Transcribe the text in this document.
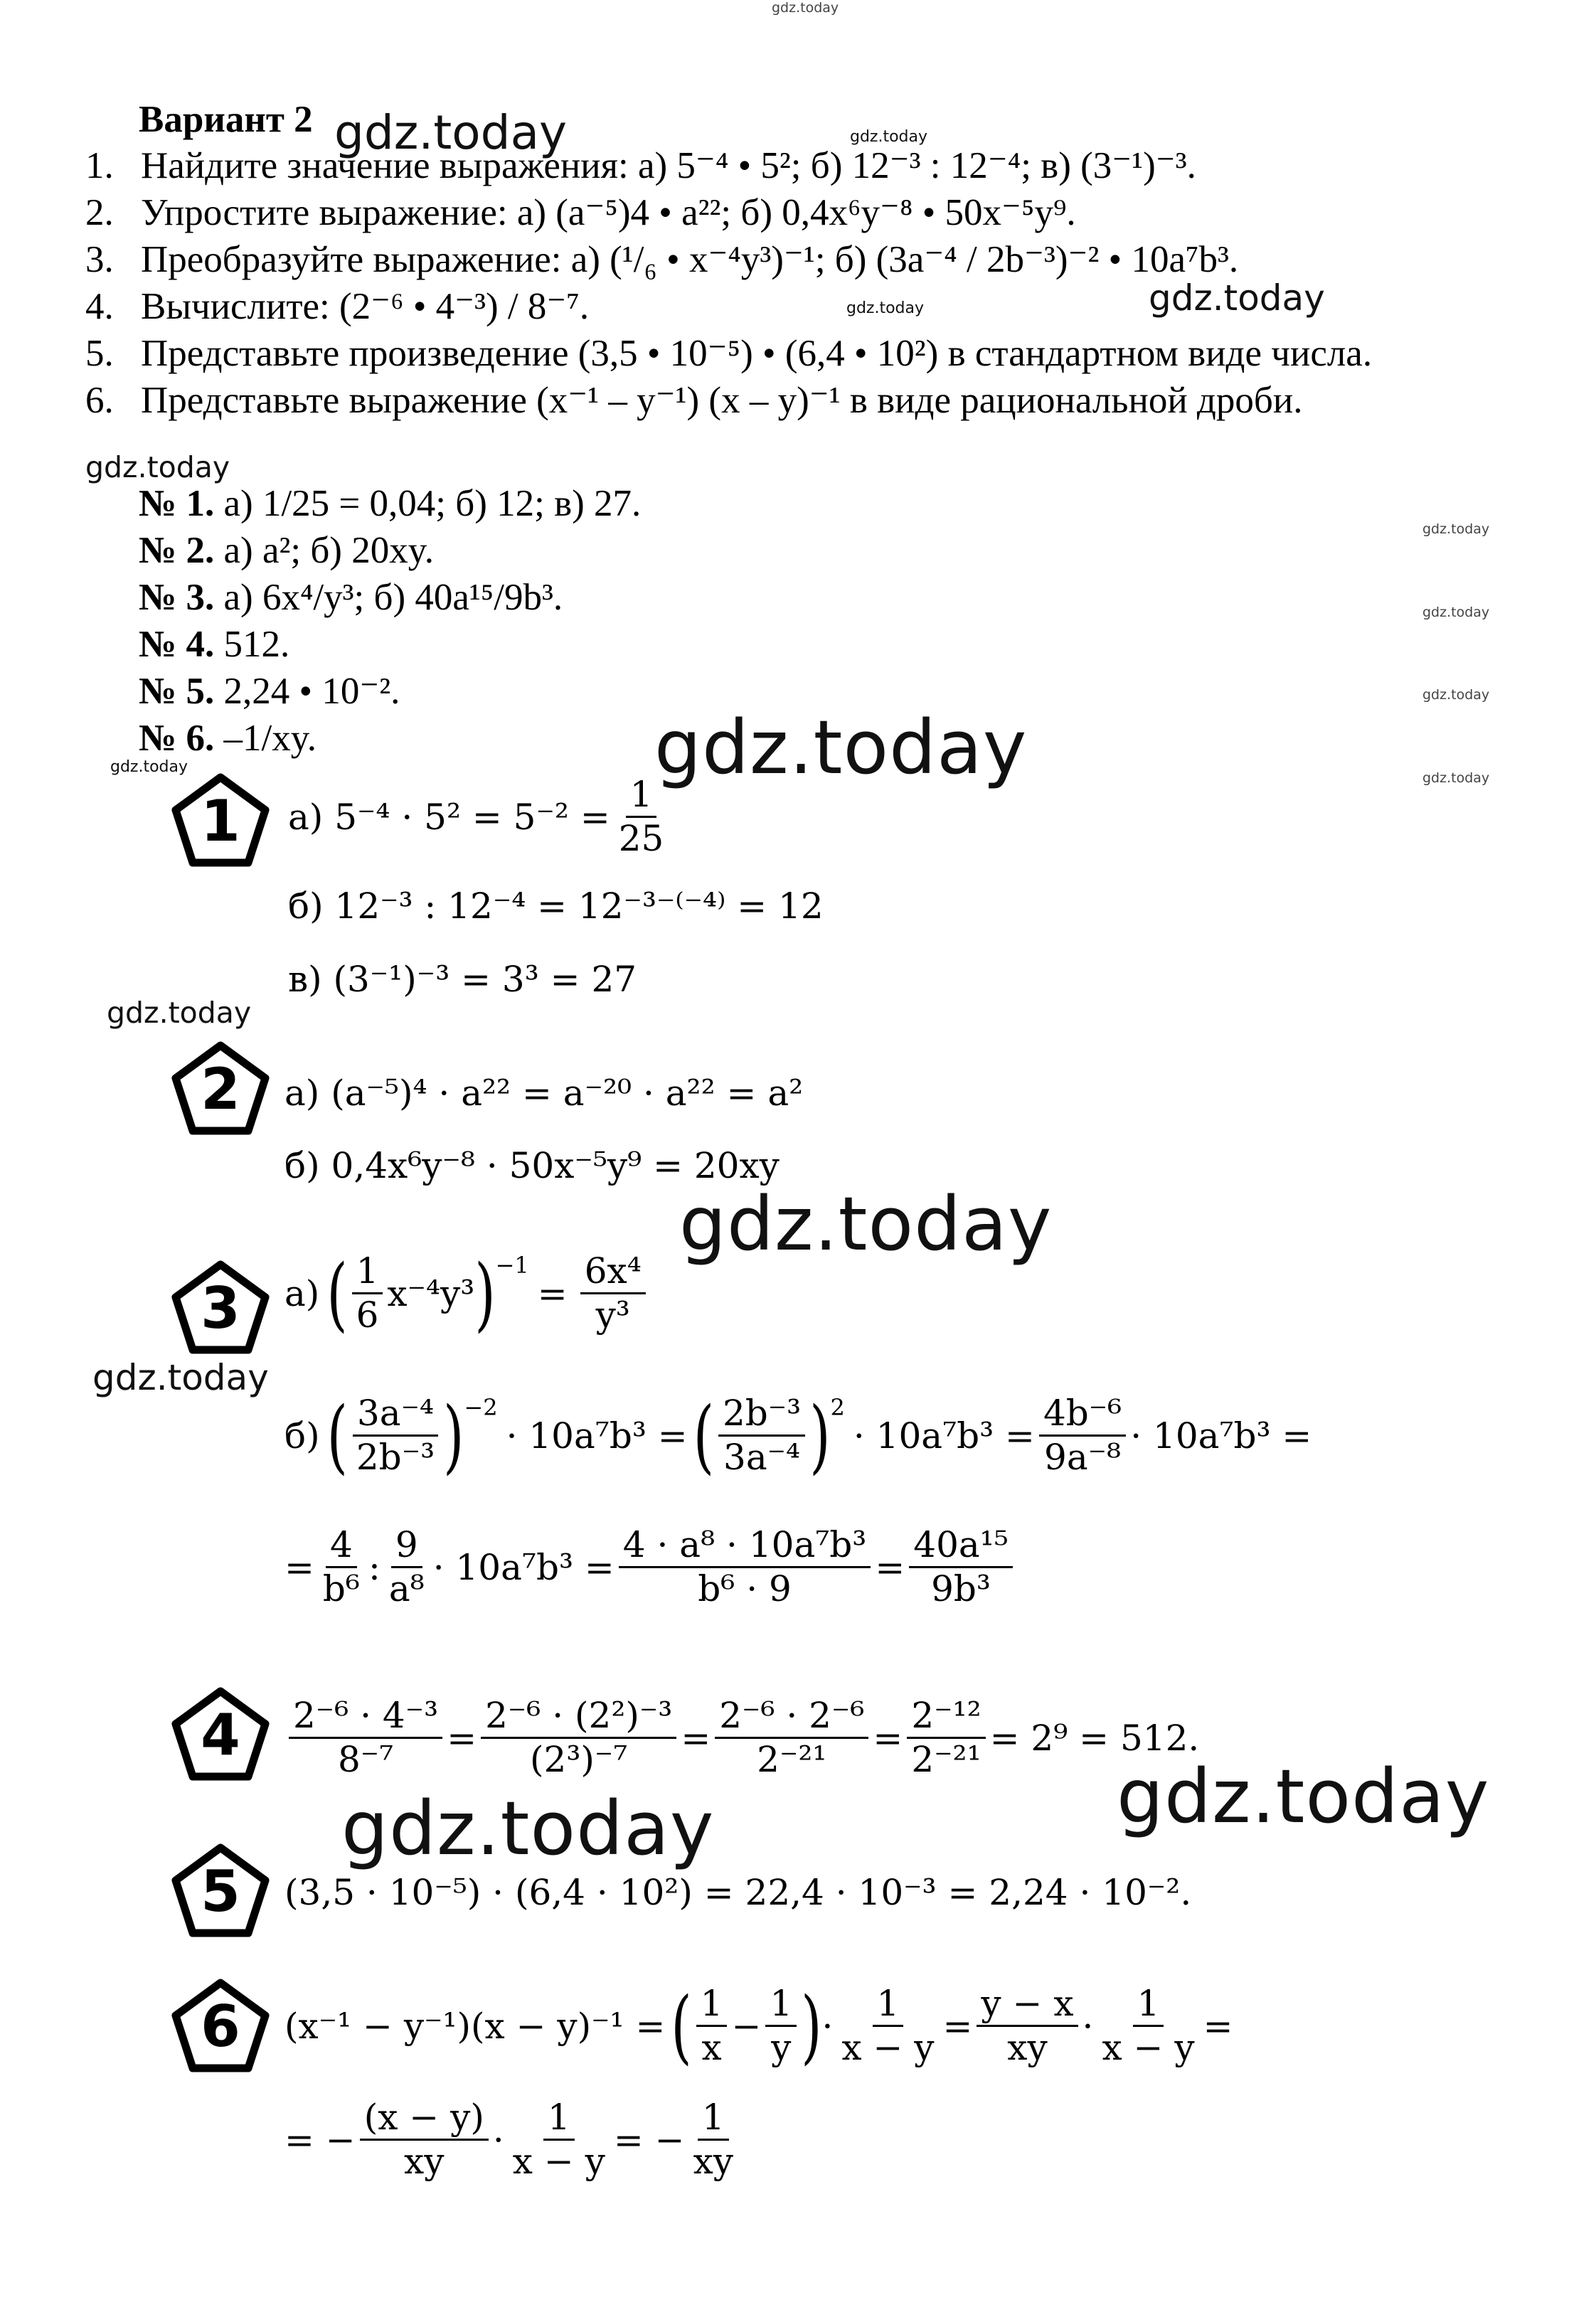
gdz.today
gdz.today	gdz.today
gdz.today	gdz.today
gdz.today
gdz.today
gdz.today
gdz.today
gdz.today
gdz.today	gdz.today
gdz.today
gdz.today
gdz.today
gdz.today
gdz.today
Вариант 2
1. Найдите значение выражения: а) 5⁻⁴ • 5²; б) 12⁻³ : 12⁻⁴; в) (3⁻¹)⁻³.
2. Упростите выражение: а) (a⁻⁵)4 • a²²; б) 0,4x⁶y⁻⁸ • 50x⁻⁵y⁹.
3. Преобразуйте выражение: а) (¹/₆ • x⁻⁴y³)⁻¹; б) (3a⁻⁴ / 2b⁻³)⁻² • 10a⁷b³.
4. Вычислите: (2⁻⁶ • 4⁻³) / 8⁻⁷.
5. Представьте произведение (3,5 • 10⁻⁵) • (6,4 • 10²) в стандартном виде числа.
6. Представьте выражение (x⁻¹ – y⁻¹) (x – y)⁻¹ в виде рациональной дроби.
№ 1. а) 1/25 = 0,04; б) 12; в) 27.
№ 2. а) a²; б) 20xy.
№ 3. а) 6x⁴/y³; б) 40a¹⁵/9b³.
№ 4. 512.
№ 5. 2,24 • 10⁻².
№ 6. –1/xy.
1
2
3
4
5
6
а) $5^{-4} \cdot 5^2 = 5^{-2} = \frac{1}{25}$
б) 12⁻³ : 12⁻⁴ = 12⁻³⁻⁽⁻⁴⁾ = 12
в) (3⁻¹)⁻³ = 3³ = 27
а) (a⁻⁵)⁴ · a²² = a⁻²⁰ · a²² = a²
б) 0,4x⁶y⁻⁸ · 50x⁻⁵y⁹ = 20xy
а) ( $\frac{1}{6} x^{-4}y^3$ ) −1
= $\frac{\text{6x⁴}}{\text{y³}}$
б) ( $\frac{\text{3a⁻⁴}}{\text{2b⁻³}}$ ) −2
· 10a⁷b³ = ( $\frac{\text{2b⁻³}}{\text{3a⁻⁴}}$ ) 2
· $10a^7b^3 = \frac{\text{4b⁻⁶}}{\text{9a⁻⁸}} \cdot 10a^7b^3$ =
= $\frac{4}{\text{b⁶}}$ : $\frac{9}{\text{a⁸}} \cdot 10a^7b^3 = \frac{\text{4 · a⁸ · 10a⁷b³}}{\text{b⁶ · 9}} = \frac{\text{40a¹⁵}}{\text{9b³}}$
$\frac{\text{2⁻⁶ · 4⁻³}}{\text{8⁻⁷}} = \frac{\text{2⁻⁶ · (2²)⁻³}}{\text{(2³)⁻⁷}} = \frac{\text{2⁻⁶ · 2⁻⁶}}{\text{2⁻²¹}} = \frac{\text{2⁻¹²}}{\text{2⁻²¹}} = 2^9 = 512$.
(3,5 · 10⁻⁵) · (6,4 · 10²) = 22,4 · 10⁻³ = 2,24 · 10⁻².
(x⁻¹ − y⁻¹)(x − y)⁻¹ = ( $\frac{1}{x} - \frac{1}{y}$ ) · $\frac{1}{x - y} = \frac{y - x}{xy} \cdot \frac{1}{x - y}$ =
= − $\frac{(x - y)}{xy} \cdot \frac{1}{x - y}$ = − $\frac{1}{xy}$
